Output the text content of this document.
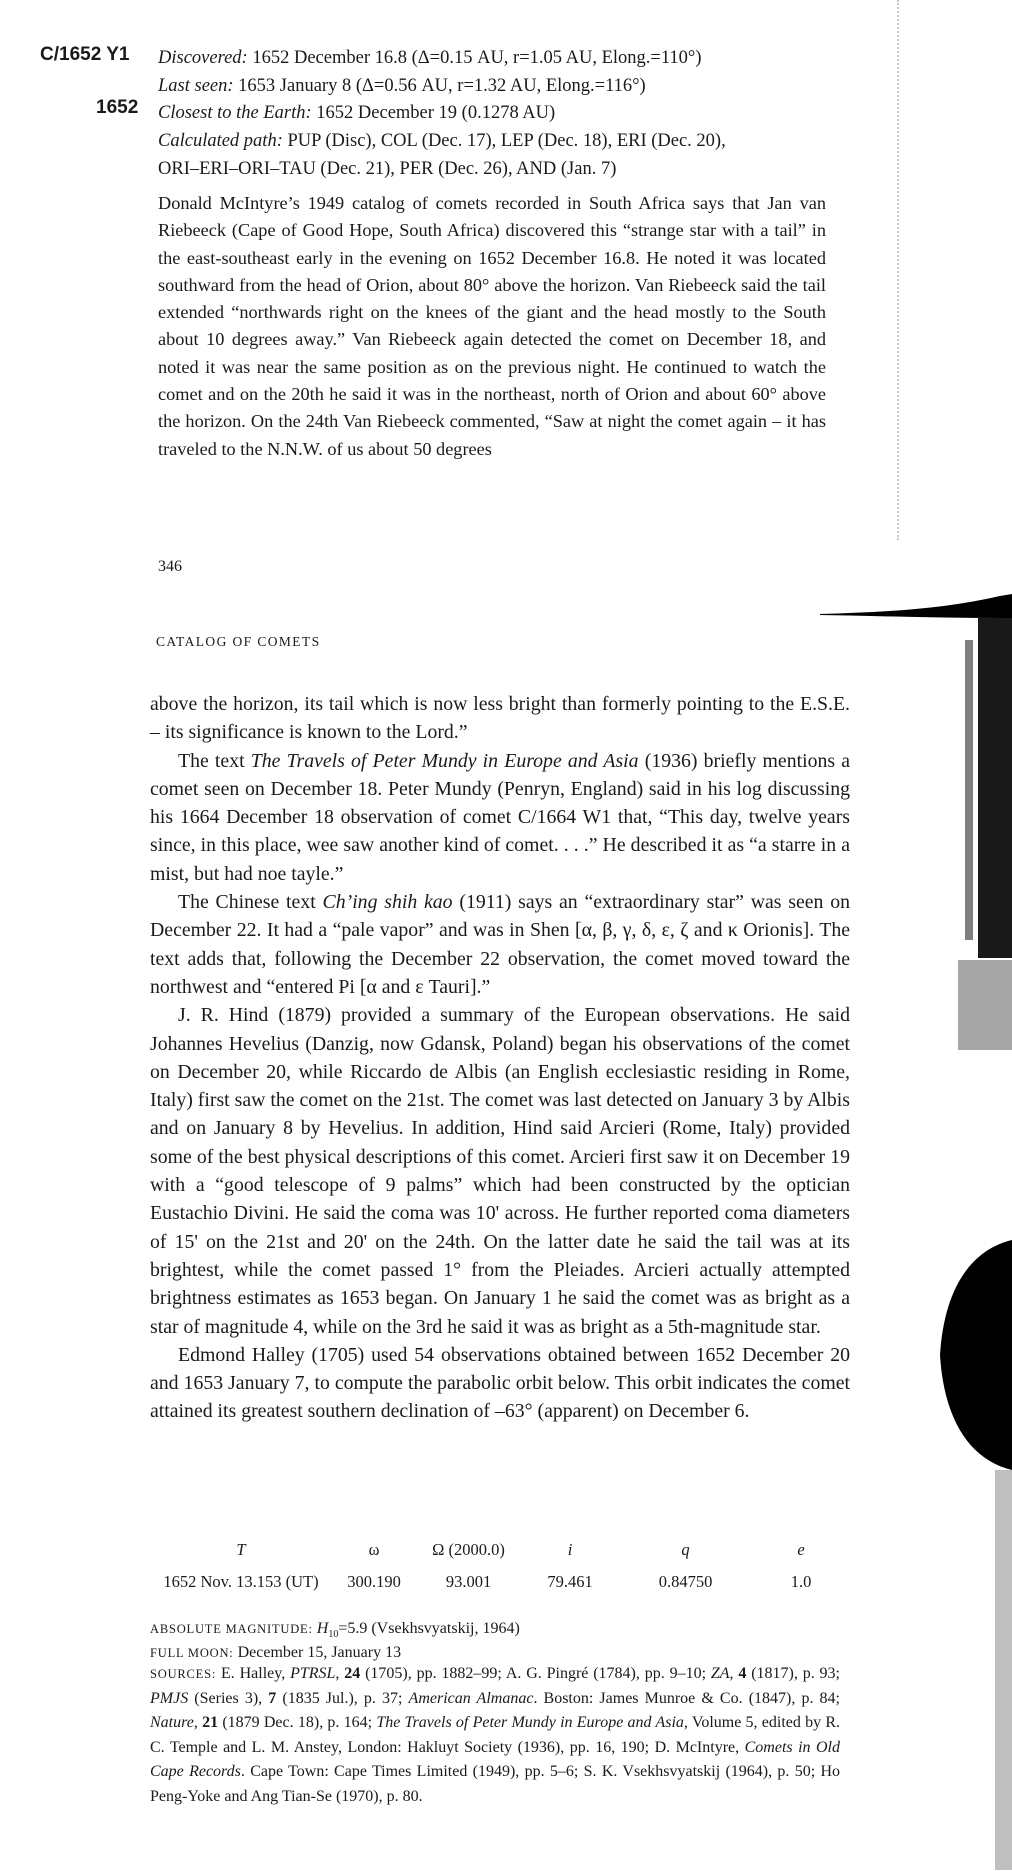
C/1652 Y1
1652
Discovered: 1652 December 16.8 (Δ=0.15 AU, r=1.05 AU, Elong.=110°)
Last seen: 1653 January 8 (Δ=0.56 AU, r=1.32 AU, Elong.=116°)
Closest to the Earth: 1652 December 19 (0.1278 AU)
Calculated path: PUP (Disc), COL (Dec. 17), LEP (Dec. 18), ERI (Dec. 20),
ORI–ERI–ORI–TAU (Dec. 21), PER (Dec. 26), AND (Jan. 7)

Donald McIntyre’s 1949 catalog of comets recorded in South Africa says that Jan van Riebeeck (Cape of Good Hope, South Africa) discovered this “strange star with a tail” in the east-southeast early in the evening on 1652 December 16.8. He noted it was located southward from the head of Orion, about 80° above the horizon. Van Riebeeck said the tail extended “northwards right on the knees of the giant and the head mostly to the South about 10 degrees away.” Van Riebeeck again detected the comet on December 18, and noted it was near the same position as on the previous night. He continued to watch the comet and on the 20th he said it was in the northeast, north of Orion and about 60° above the horizon. On the 24th Van Riebeeck commented, “Saw at night the comet again – it has traveled to the N.N.W. of us about 50 degrees

346
CATALOG OF COMETS

above the horizon, its tail which is now less bright than formerly pointing to the E.S.E. – its significance is known to the Lord.”

The text The Travels of Peter Mundy in Europe and Asia (1936) briefly mentions a comet seen on December 18. Peter Mundy (Penryn, England) said in his log discussing his 1664 December 18 observation of comet C/1664 W1 that, “This day, twelve years since, in this place, wee saw another kind of comet. . . .” He described it as “a starre in a mist, but had noe tayle.”

The Chinese text Ch’ing shih kao (1911) says an “extraordinary star” was seen on December 22. It had a “pale vapor” and was in Shen [α, β, γ, δ, ε, ζ and κ Orionis]. The text adds that, following the December 22 observation, the comet moved toward the northwest and “entered Pi [α and ε Tauri].”

J. R. Hind (1879) provided a summary of the European observations. He said Johannes Hevelius (Danzig, now Gdansk, Poland) began his observations of the comet on December 20, while Riccardo de Albis (an English ecclesiastic residing in Rome, Italy) first saw the comet on the 21st. The comet was last detected on January 3 by Albis and on January 8 by Hevelius. In addition, Hind said Arcieri (Rome, Italy) provided some of the best physical descriptions of this comet. Arcieri first saw it on December 19 with a “good telescope of 9 palms” which had been constructed by the optician Eustachio Divini. He said the coma was 10' across. He further reported coma diameters of 15' on the 21st and 20' on the 24th. On the latter date he said the tail was at its brightest, while the comet passed 1° from the Pleiades. Arcieri actually attempted brightness estimates as 1653 began. On January 1 he said the comet was as bright as a star of magnitude 4, while on the 3rd he said it was as bright as a 5th-magnitude star.

Edmond Halley (1705) used 54 observations obtained between 1652 December 20 and 1653 January 7, to compute the parabolic orbit below. This orbit indicates the comet attained its greatest southern declination of –63° (apparent) on December 6.

T	ω	Ω (2000.0)	i	q	e
1652 Nov. 13.153 (UT)	300.190	93.001	79.461	0.84750	1.0
ABSOLUTE MAGNITUDE: $H_{10}=5.9$ (Vsekhsvyatskij, 1964)
FULL MOON: December 15, January 13
SOURCES: E. Halley, PTRSL, 24 (1705), pp. 1882–99; A. G. Pingré (1784), pp. 9–10; ZA, 4 (1817), p. 93; PMJS (Series 3), 7 (1835 Jul.), p. 37; American Almanac. Boston: James Munroe & Co. (1847), p. 84; Nature, 21 (1879 Dec. 18), p. 164; The Travels of Peter Mundy in Europe and Asia, Volume 5, edited by R. C. Temple and L. M. Anstey, London: Hakluyt Society (1936), pp. 16, 190; D. McIntyre, Comets in Old Cape Records. Cape Town: Cape Times Limited (1949), pp. 5–6; S. K. Vsekhsvyatskij (1964), p. 50; Ho Peng-Yoke and Ang Tian-Se (1970), p. 80.
